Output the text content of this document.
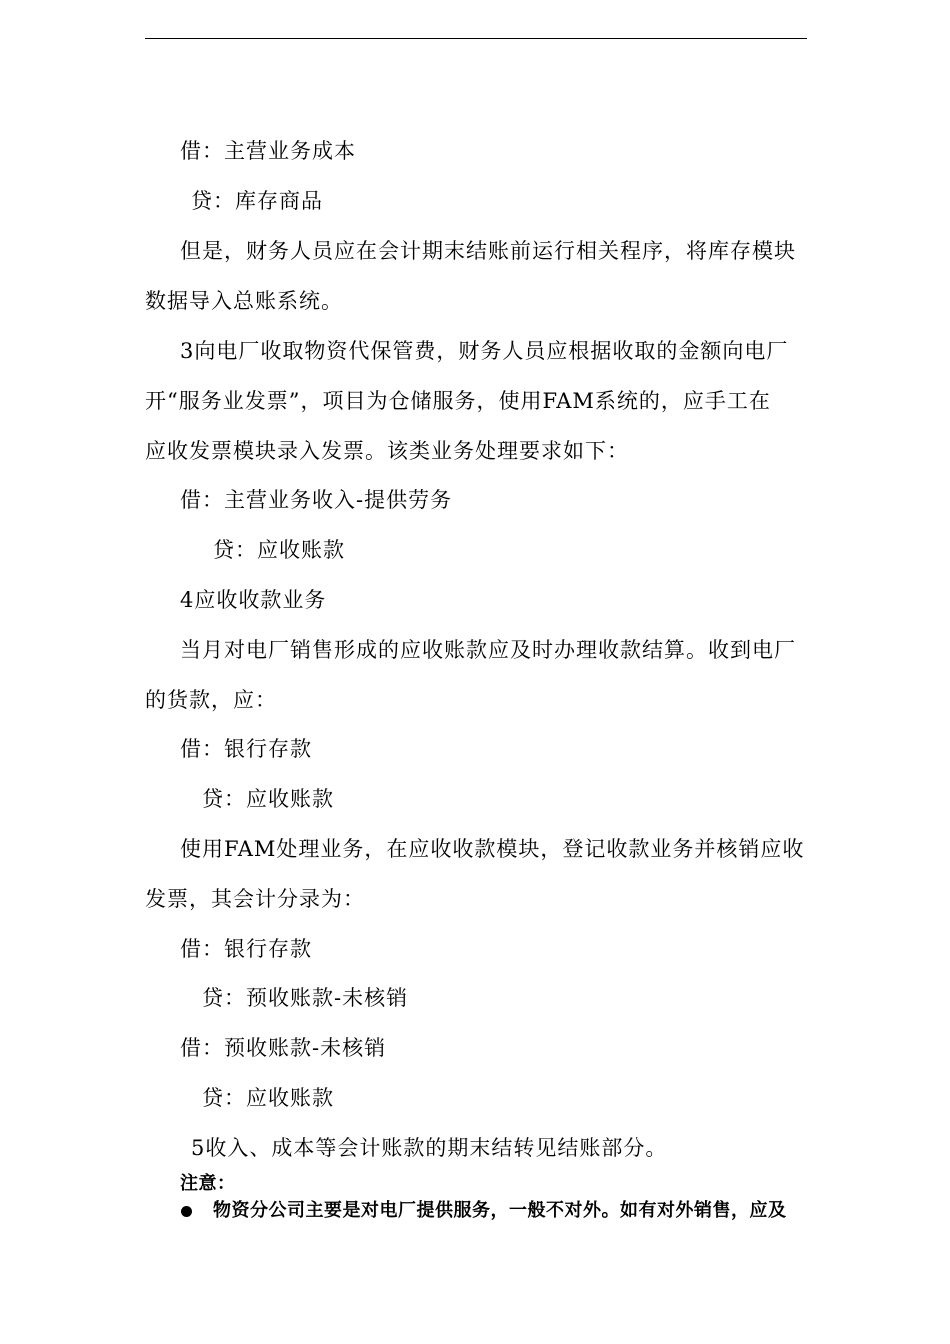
借：主营业务成本
贷：库存商品
但是，财务人员应在会计期末结账前运行相关程序，将库存模块
数据导入总账系统。
3向电厂收取物资代保管费，财务人员应根据收取的金额向电厂
开“服务业发票”，项目为仓储服务，使用FAM系统的，应手工在
应收发票模块录入发票。该类业务处理要求如下：
借：主营业务收入-提供劳务
贷：应收账款
4应收收款业务
当月对电厂销售形成的应收账款应及时办理收款结算。收到电厂
的货款，应：
借：银行存款
贷：应收账款
使用FAM处理业务，在应收收款模块，登记收款业务并核销应收
发票，其会计分录为：
借：银行存款
贷：预收账款-未核销
借：预收账款-未核销
贷：应收账款
5收入、成本等会计账款的期末结转见结账部分。
注意：
物资分公司主要是对电厂提供服务，一般不对外。如有对外销售，应及
